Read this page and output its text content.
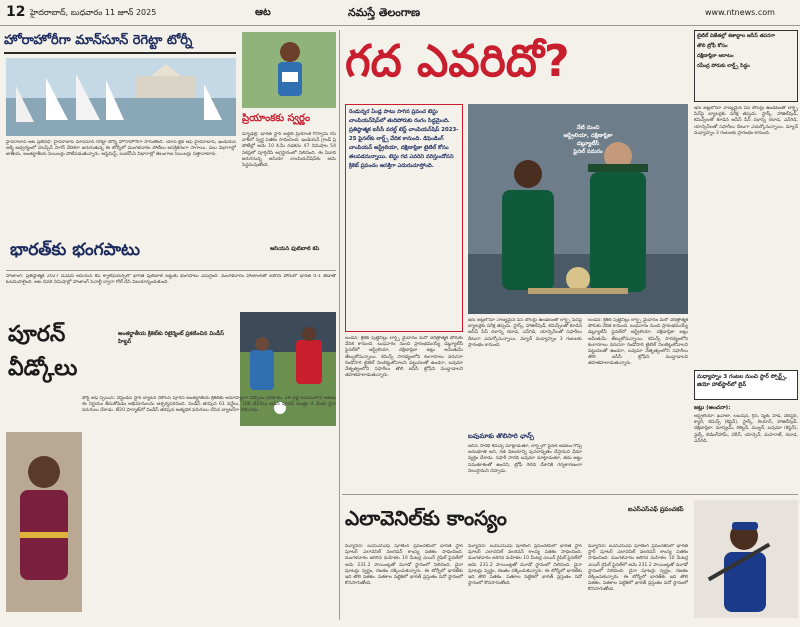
12 హైదరాబాద్, బుధవారం 11 జూన్ 2025	ఆట	నమస్తే తెలంగాణ	www.ntnews.com
హోరాహోరీగా మాన్‌సూన్ రెగెట్టా టోర్నీ
హైదరాబాద్ ఆట ప్రతినిధి: హైదరాబాద్ మాన్‌సూన్ రెగెట్టా టోర్నీ హోరాహోరీగా సాగుతోంది. యాచ్ క్లబ్ ఆఫ్ హైదరాబాద్, ఇండియన్ ఆర్మీ ఆధ్వర్యంలో హుస్సేన్ సాగర్ వేదికగా జరుగుతున్న ఈ టోర్నీలో మంగళవారం పోటీలు ఆసక్తికరంగా సాగాయి. పలు విభాగాల్లో జాతీయ, అంతర్జాతీయ సెయిలర్లు పోటీపడుతున్నారు. ఆప్టిమిస్ట్, ఐఎల్‌సీఏ విభాగాల్లో తెలంగాణ సెయిలర్లు సత్తాచాటారు.
ప్రియాంకకు స్వర్ణం
న్యూఢిల్లీ: భారత స్టార్ అథ్లెట్ ప్రియాంక గోస్వామి రేస్ వాక్‌లో స్వర్ణ పతకం సాధించింది. ఇండియన్ గ్రాండ్ ప్రి పోటీల్లో ఆమె 10 కి.మీ నడకను 47 నిమిషాల 54 సెకన్లలో పూర్తిచేసి అగ్రస్థానంలో నిలిచింది. ఈ ఏడాది జరుగనున్న ఆసియా చాంపియన్‌షిప్‌కు ఆమె సిద్ధమవుతోంది.
భారత్‌కు భంగపాటు	ఆసియన్ ఫుట్‌బాల్ కప్
హాంకాంగ్: ప్రతిష్ఠాత్మక 2027 ఏఎఫ్‌సీ ఆసియన్ కప్ క్వాలిఫయర్స్‌లో భారత ఫుట్‌బాల్ జట్టుకు భంగపాటు ఎదురైంది. మంగళవారం హాంకాంగ్‌తో జరిగిన పోరులో భారత్ 0-1 తేడాతో ఓటమిపాలైంది. ఆట చివరి నిమిషాల్లో హాంకాంగ్ పెనాల్టీ ద్వారా గోల్ చేసి విజయాన్నందుకుంది.
పూరన్ వీడ్కోలు
అంతర్జాతీయ క్రికెట్‌కు రిటైర్మెంట్ ప్రకటించిన విండీస్ హిట్టర్
పోర్ట్ ఆఫ్ స్పెయిన్: వెస్టిండీస్ స్టార్ బ్యాటర్ నికోలస్ పూరన్ అంతర్జాతీయ క్రికెట్‌కు అనూహ్యంగా వీడ్కోలు పలికాడు. 29 ఏళ్ల వయసులోనే అతడు ఈ నిర్ణయం తీసుకోవడం అభిమానులను ఆశ్చర్యపరిచింది. విండీస్ తరఫున 61 వన్డేలు, 106 టీ20లు ఆడిన పూరన్ మొత్తం 4 వేలకు పైగా పరుగులు చేశాడు. టీ20 ఫార్మాట్‌లో విండీస్ తరఫున అత్యధిక పరుగులు చేసిన బ్యాటర్‌గా నిలిచాడు.
గద ఎవరిదో?	టైటిల్ విజేతల్లో శతాబ్దాల ఆసీస్ తపనగా
తొలి ట్రోఫీ కోసం
దక్షిణాఫ్రికా ఆరాటం
రవీంద్ర పోరుకు లార్డ్స్ సిద్ధం
రెండున్నర ఏండ్ల పాటు సాగిన ప్రపంచ టెస్టు చాంపియన్‌షిప్‌లో తుదిపోరుకు రంగం సిద్ధమైంది. ప్రతిష్ఠాత్మక ఐసీసీ వరల్డ్ టెస్ట్ చాంపియన్‌షిప్ 2023-25 ఫైనల్‌కు లార్డ్స్ వేదిక కానుంది. డిఫెండింగ్ చాంపియన్ ఆస్ట్రేలియా, దక్షిణాఫ్రికా టైటిల్ కోసం తలపడనున్నాయి. టెస్టు గద ఎవరిని వరిస్తుందోనని క్రికెట్ ప్రపంచం ఆసక్తిగా ఎదురుచూస్తోంది.
నేటి నుంచి
ఆస్ట్రేలియా, దక్షిణాఫ్రికా
డబ్ల్యూటీసీ
ఫైనల్ సమరం
లండన్: క్రికెట్ పుట్టినిల్లు లార్డ్స్ మైదానం మరో చరిత్రాత్మక పోరుకు వేదిక కానుంది. బుధవారం నుంచి ప్రారంభమయ్యే డబ్ల్యూటీసీ ఫైనల్‌లో ఆస్ట్రేలియా, దక్షిణాఫ్రికా జట్లు అమీతుమీ తేల్చుకోనున్నాయి. కమిన్స్ సారథ్యంలోని కంగారూలు వరుసగా రెండోసారి టైటిల్ నిలబెట్టుకోవాలని పట్టుదలతో ఉండగా, బవుమా నేతృత్వంలోని సఫారీలు తొలి ఐసీసీ ట్రోఫీని ముద్దాడాలని తహతహలాడుతున్నారు.
ఇరు జట్లలోనూ నాణ్యమైన పేస్ బౌలర్లు ఉండటంతో లార్డ్స్ పిచ్‌పై బ్యాటర్లకు పరీక్ష తప్పదు. స్టార్క్, హాజిల్‌వుడ్, కమిన్స్‌లతో కూడిన ఆసీస్ పేస్ దళాన్ని రబాడ, ఎన్‌గిడి, యాన్సెన్‌లతో సఫారీలు దీటుగా ఎదుర్కోనున్నాయి. మ్యాచ్ మధ్యాహ్నం 3 గంటలకు ప్రారంభం కానుంది.
బవుమాకు తొలిసారి ఛాన్స్
ఆసీస్ సారథి కమిన్స్ మాట్లాడుతూ, లార్డ్స్‌లో ఫైనల్ ఆడటం గొప్ప అనుభూతి అని, గత విజయాన్ని పునరావృతం చేస్తామని ధీమా వ్యక్తం చేశాడు. సఫారీ సారథి బవుమా మాట్లాడుతూ, తమ జట్టు సమతూకంతో ఉందని, ట్రోఫీ గెలిచి దేశానికి గర్వకారణంగా నిలుస్తామని చెప్పాడు.
లండన్: క్రికెట్ పుట్టినిల్లు లార్డ్స్ మైదానం మరో చరిత్రాత్మక పోరుకు వేదిక కానుంది. బుధవారం నుంచి ప్రారంభమయ్యే డబ్ల్యూటీసీ ఫైనల్‌లో ఆస్ట్రేలియా, దక్షిణాఫ్రికా జట్లు అమీతుమీ తేల్చుకోనున్నాయి. కమిన్స్ సారథ్యంలోని కంగారూలు వరుసగా రెండోసారి టైటిల్ నిలబెట్టుకోవాలని పట్టుదలతో ఉండగా, బవుమా నేతృత్వంలోని సఫారీలు తొలి ఐసీసీ ట్రోఫీని ముద్దాడాలని తహతహలాడుతున్నారు.
ఇరు జట్లలోనూ నాణ్యమైన పేస్ బౌలర్లు ఉండటంతో లార్డ్స్ పిచ్‌పై బ్యాటర్లకు పరీక్ష తప్పదు. స్టార్క్, హాజిల్‌వుడ్, కమిన్స్‌లతో కూడిన ఆసీస్ పేస్ దళాన్ని రబాడ, ఎన్‌గిడి, యాన్సెన్‌లతో సఫారీలు దీటుగా ఎదుర్కోనున్నాయి. మ్యాచ్ మధ్యాహ్నం 3 గంటలకు ప్రారంభం కానుంది.
మధ్యాహ్నం 3 గంటల నుంచి స్టార్ స్పోర్ట్స్, జియో హాట్‌స్టార్‌లో లైవ్
జట్లు (అంచనా):
ఆస్ట్రేలియా: ఖవాజా, లబుషేన్, గ్రీన్, స్మిత్, హెడ్, వెబ్‌స్టర్, క్యారీ, కమిన్స్ (కెప్టెన్), స్టార్క్, లియాన్, హాజిల్‌వుడ్. దక్షిణాఫ్రికా: మార్క్రమ్, రికెల్టన్, ముల్డర్, బవుమా (కెప్టెన్), స్టబ్స్, బెడింగ్‌హామ్, వెరీన్, యాన్సెన్, మహరాజ్, రబాడ, ఎన్‌గిడి.
ఎలావెనిల్‌కు కాంస్యం	ఐఎస్‌ఎస్‌ఎఫ్ ప్రపంచకప్
మ్యూనిచ్: ఐఎస్‌ఎస్‌ఎఫ్ షూటింగ్ ప్రపంచకప్‌లో భారత స్టార్ షూటర్ ఎలావెనిల్ వలరివన్ కాంస్య పతకం సాధించింది. మంగళవారం జరిగిన మహిళల 10 మీటర్ల ఎయిర్ రైఫిల్ ఫైనల్‌లో ఆమె 231.2 పాయింట్లతో మూడో స్థానంలో నిలిచింది. చైనా షూటర్లు స్వర్ణం, రజతం దక్కించుకున్నారు. ఈ టోర్నీలో భారత్‌కు ఇది తొలి పతకం. పతకాల పట్టికలో భారత్ ప్రస్తుతం పదో స్థానంలో కొనసాగుతోంది.
మ్యూనిచ్: ఐఎస్‌ఎస్‌ఎఫ్ షూటింగ్ ప్రపంచకప్‌లో భారత స్టార్ షూటర్ ఎలావెనిల్ వలరివన్ కాంస్య పతకం సాధించింది. మంగళవారం జరిగిన మహిళల 10 మీటర్ల ఎయిర్ రైఫిల్ ఫైనల్‌లో ఆమె 231.2 పాయింట్లతో మూడో స్థానంలో నిలిచింది. చైనా షూటర్లు స్వర్ణం, రజతం దక్కించుకున్నారు. ఈ టోర్నీలో భారత్‌కు ఇది తొలి పతకం. పతకాల పట్టికలో భారత్ ప్రస్తుతం పదో స్థానంలో కొనసాగుతోంది.
మ్యూనిచ్: ఐఎస్‌ఎస్‌ఎఫ్ షూటింగ్ ప్రపంచకప్‌లో భారత స్టార్ షూటర్ ఎలావెనిల్ వలరివన్ కాంస్య పతకం సాధించింది. మంగళవారం జరిగిన మహిళల 10 మీటర్ల ఎయిర్ రైఫిల్ ఫైనల్‌లో ఆమె 231.2 పాయింట్లతో మూడో స్థానంలో నిలిచింది. చైనా షూటర్లు స్వర్ణం, రజతం దక్కించుకున్నారు. ఈ టోర్నీలో భారత్‌కు ఇది తొలి పతకం. పతకాల పట్టికలో భారత్ ప్రస్తుతం పదో స్థానంలో కొనసాగుతోంది.
